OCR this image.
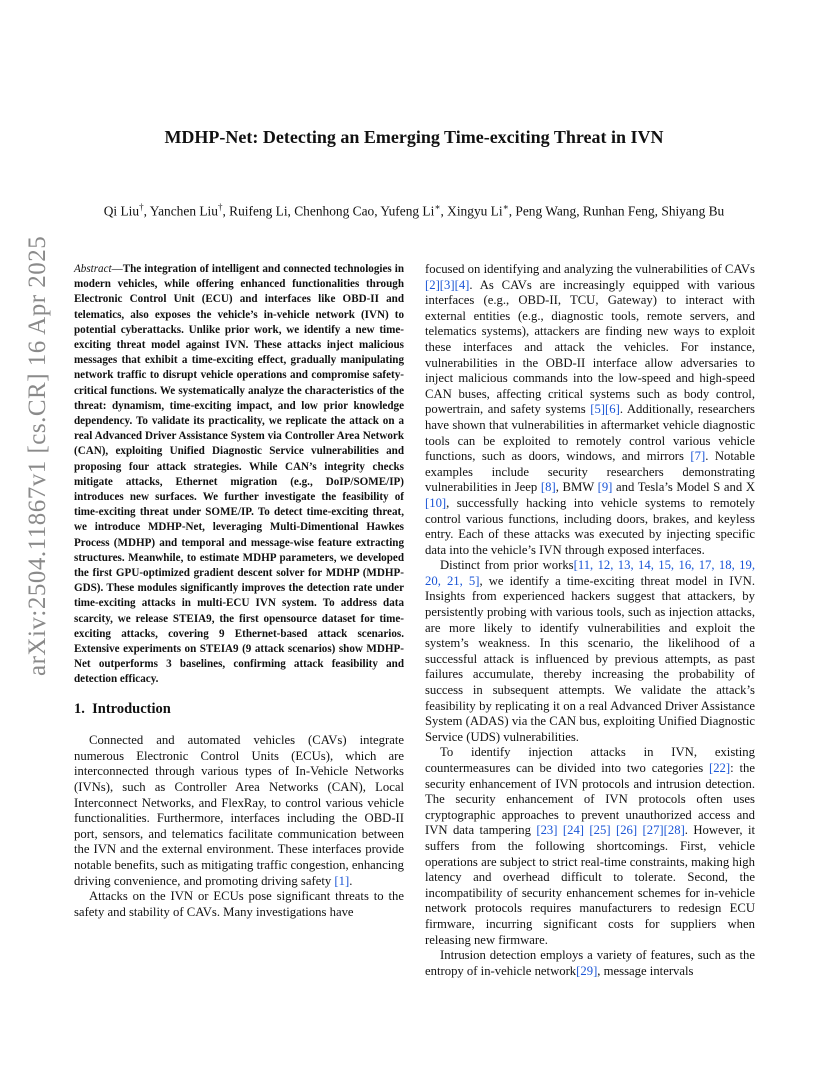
arXiv:2504.11867v1 [cs.CR] 16 Apr 2025
MDHP-Net: Detecting an Emerging Time-exciting Threat in IVN
Qi Liu†, Yanchen Liu†, Ruifeng Li, Chenhong Cao, Yufeng Li∗, Xingyu Li∗, Peng Wang, Runhan Feng, Shiyang Bu
Abstract—The integration of intelligent and connected technologies in modern vehicles, while offering enhanced functionalities through Electronic Control Unit (ECU) and interfaces like OBD-II and telematics, also exposes the vehicle’s in-vehicle network (IVN) to potential cyberattacks. Unlike prior work, we identify a new time-exciting threat model against IVN. These attacks inject malicious messages that exhibit a time-exciting effect, gradually manipulating network traffic to disrupt vehicle operations and compromise safety-critical functions. We systematically analyze the characteristics of the threat: dynamism, time-exciting impact, and low prior knowledge dependency. To validate its practicality, we replicate the attack on a real Advanced Driver Assistance System via Controller Area Network (CAN), exploiting Unified Diagnostic Service vulnerabilities and proposing four attack strategies. While CAN’s integrity checks mitigate attacks, Ethernet migration (e.g., DoIP/SOME/IP) introduces new surfaces. We further investigate the feasibility of time-exciting threat under SOME/IP. To detect time-exciting threat, we introduce MDHP-Net, leveraging Multi-Dimentional Hawkes Process (MDHP) and temporal and message-wise feature extracting structures. Meanwhile, to estimate MDHP parameters, we developed the first GPU-optimized gradient descent solver for MDHP (MDHP-GDS). These modules significantly improves the detection rate under time-exciting attacks in multi-ECU IVN system. To address data scarcity, we release STEIA9, the first opensource dataset for time-exciting attacks, covering 9 Ethernet-based attack scenarios. Extensive experiments on STEIA9 (9 attack scenarios) show MDHP-Net outperforms 3 baselines, confirming attack feasibility and detection efficacy.
1. Introduction

Connected and automated vehicles (CAVs) integrate numerous Electronic Control Units (ECUs), which are interconnected through various types of In-Vehicle Networks (IVNs), such as Controller Area Networks (CAN), Local Interconnect Networks, and FlexRay, to control various vehicle functionalities. Furthermore, interfaces including the OBD-II port, sensors, and telematics facilitate communication between the IVN and the external environment. These interfaces provide notable benefits, such as mitigating traffic congestion, enhancing driving convenience, and promoting driving safety [1].

Attacks on the IVN or ECUs pose significant threats to the safety and stability of CAVs. Many investigations have

focused on identifying and analyzing the vulnerabilities of CAVs [2][3][4]. As CAVs are increasingly equipped with various interfaces (e.g., OBD-II, TCU, Gateway) to interact with external entities (e.g., diagnostic tools, remote servers, and telematics systems), attackers are finding new ways to exploit these interfaces and attack the vehicles. For instance, vulnerabilities in the OBD-II interface allow adversaries to inject malicious commands into the low-speed and high-speed CAN buses, affecting critical systems such as body control, powertrain, and safety systems [5][6]. Additionally, researchers have shown that vulnerabilities in aftermarket vehicle diagnostic tools can be exploited to remotely control various vehicle functions, such as doors, windows, and mirrors [7]. Notable examples include security researchers demonstrating vulnerabilities in Jeep [8], BMW [9] and Tesla’s Model S and X [10], successfully hacking into vehicle systems to remotely control various functions, including doors, brakes, and keyless entry. Each of these attacks was executed by injecting specific data into the vehicle’s IVN through exposed interfaces.

Distinct from prior works[11, 12, 13, 14, 15, 16, 17, 18, 19, 20, 21, 5], we identify a time-exciting threat model in IVN. Insights from experienced hackers suggest that attackers, by persistently probing with various tools, such as injection attacks, are more likely to identify vulnerabilities and exploit the system’s weakness. In this scenario, the likelihood of a successful attack is influenced by previous attempts, as past failures accumulate, thereby increasing the probability of success in subsequent attempts. We validate the attack’s feasibility by replicating it on a real Advanced Driver Assistance System (ADAS) via the CAN bus, exploiting Unified Diagnostic Service (UDS) vulnerabilities.

To identify injection attacks in IVN, existing countermeasures can be divided into two categories [22]: the security enhancement of IVN protocols and intrusion detection. The security enhancement of IVN protocols often uses cryptographic approaches to prevent unauthorized access and IVN data tampering [23] [24] [25] [26] [27][28]. However, it suffers from the following shortcomings. First, vehicle operations are subject to strict real-time constraints, making high latency and overhead difficult to tolerate. Second, the incompatibility of security enhancement schemes for in-vehicle network protocols requires manufacturers to redesign ECU firmware, incurring significant costs for suppliers when releasing new firmware.

Intrusion detection employs a variety of features, such as the entropy of in-vehicle network[29], message intervals
